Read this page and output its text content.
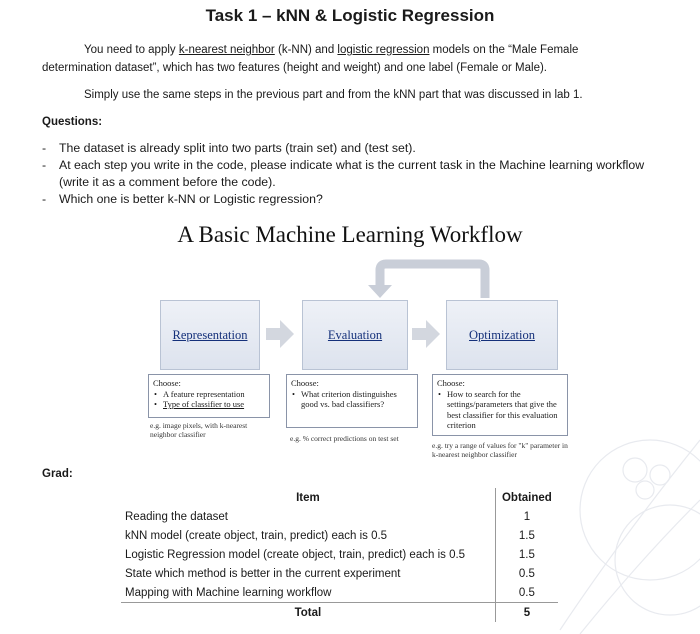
Task 1 – kNN & Logistic Regression
You need to apply k-nearest neighbor (k-NN) and logistic regression models on the “Male Female
determination dataset”, which has two features (height and weight) and one label (Female or Male).
Simply use the same steps in the previous part and from the kNN part that was discussed in lab 1.
Questions:
- The dataset is already split into two parts (train set) and (test set).
- At each step you write in the code, please indicate what is the current task in the Machine learning workflow (write it as a comment before the code).
- Which one is better k-NN or Logistic regression?
A Basic Machine Learning Workflow
Representation	Evaluation	Optimization
Choose:
• A feature representation
• Type of classifier to use
e.g. image pixels, with k-nearest neighbor classifier
Choose:
• What criterion distinguishes good vs. bad classifiers?
e.g. % correct predictions on test set
Choose:
• How to search for the settings/parameters that give the best classifier for this evaluation criterion
e.g. try a range of values for "k" parameter in k-nearest neighbor classifier
Grad:
Item	Obtained
Reading the dataset	1
kNN model (create object, train, predict) each is 0.5	1.5
Logistic Regression model (create object, train, predict) each is 0.5	1.5
State which method is better in the current experiment	0.5
Mapping with Machine learning workflow	0.5
Total	5
